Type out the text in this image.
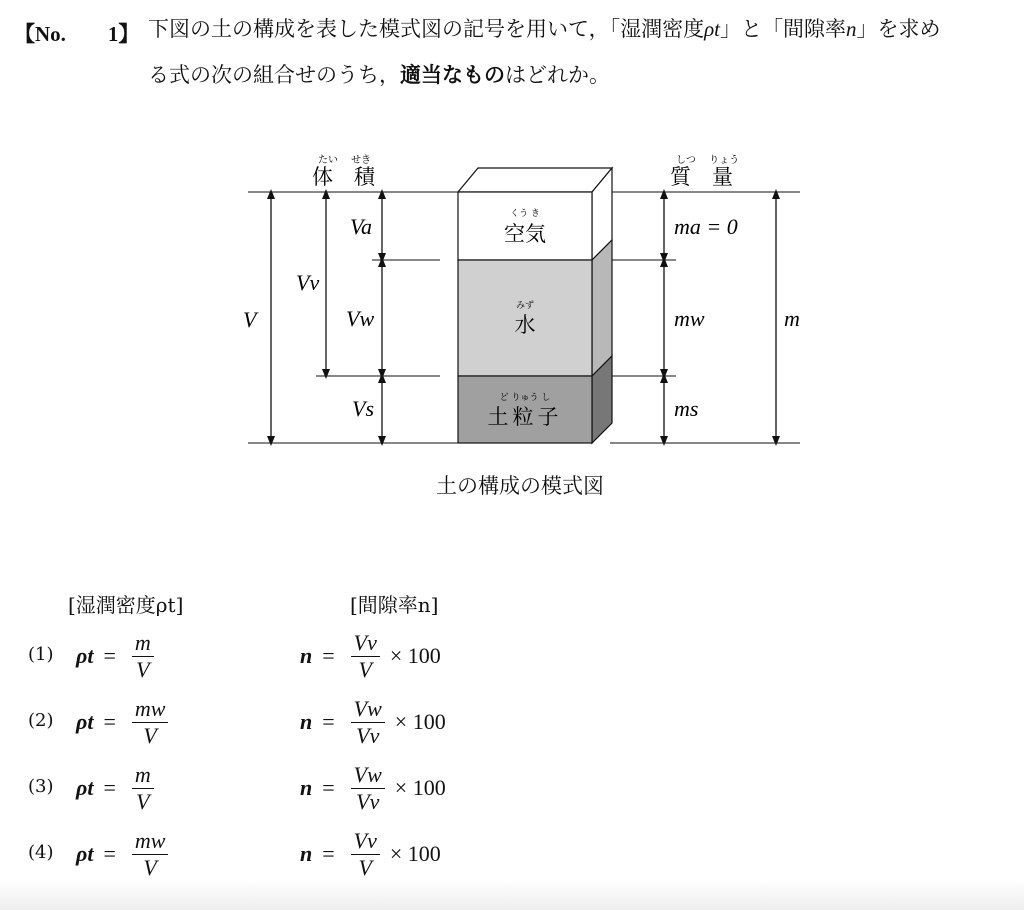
【No.　　1】 下図の土の構成を表した模式図の記号を用いて，「湿潤密度ρt」と「間隙率n」を求め
る式の次の組合せのうち，適当なものはどれか。
たい　 せき
体　積
しつ　 りょう
質　量
くう き
空気
みず
水
ど りゅう し
土粒子
V
Vv
Va
Vw
Vs
ma = 0
mw
ms
m
土の構成の模式図
[湿潤密度ρt]	[間隙率n]
(1) $\rho t = \frac{m}{V}$	$n = \frac{Vv}{V} \times 100$
(2) $\rho t = \frac{mw}{V}$	$n = \frac{Vw}{Vv} \times 100$
(3) $\rho t = \frac{m}{V}$	$n = \frac{Vw}{Vv} \times 100$
(4) $\rho t = \frac{mw}{V}$	$n = \frac{Vv}{V} \times 100$
